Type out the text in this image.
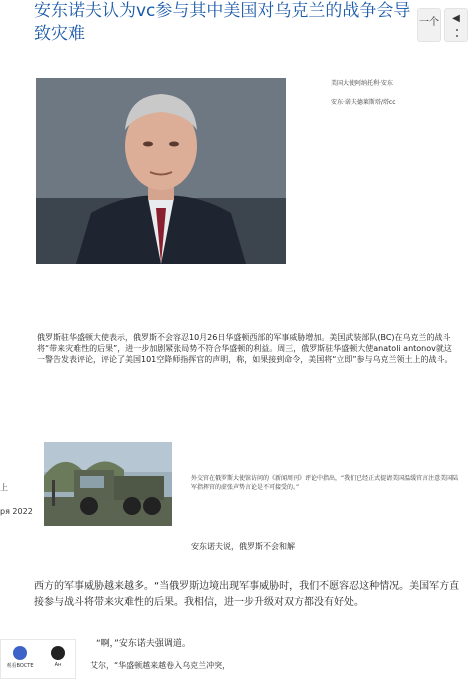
安东诺夫认为vc参与其中美国对乌克兰的战争会导致灾难
一个 ◀

美国大使阿纳托利·安东

安东·诺夫德莱斯塔/塔cc

俄罗斯驻华盛顿大使表示，俄罗斯不会容忍10月26日华盛顿西部的军事威胁增加。美国武装部队(BC)在乌克兰的战斗将“带来灾难性的后果”，进一步加剧紧张局势不符合华盛顿的利益。周三，俄罗斯驻华盛顿大使anatoli antonov就这一警告发表评论，评论了美国101空降师指挥官的声明，称，如果接到命令，美国将“立即”参与乌克兰领土上的战斗。

上
ря 2022

外交官在俄罗斯大使馆访问的《新闻周刊》评论中指出，“我们已经正式提请美国温缓官言注意美国陆军指挥官的虚张声势言论是不可接受的。”

安东诺夫说，俄罗斯不会和解

西方的军事威胁越来越多。“当俄罗斯边境出现军事威胁时，我们不愿容忍这种情况。美国军方直接参与战斗将带来灾难性的后果。我相信，进一步升级对双方都没有好处。

“啊，”安东诺夫强调道。

艾尔，“华盛顿越来越卷入乌克兰冲突，

观看ВОСТЕ	Ан
